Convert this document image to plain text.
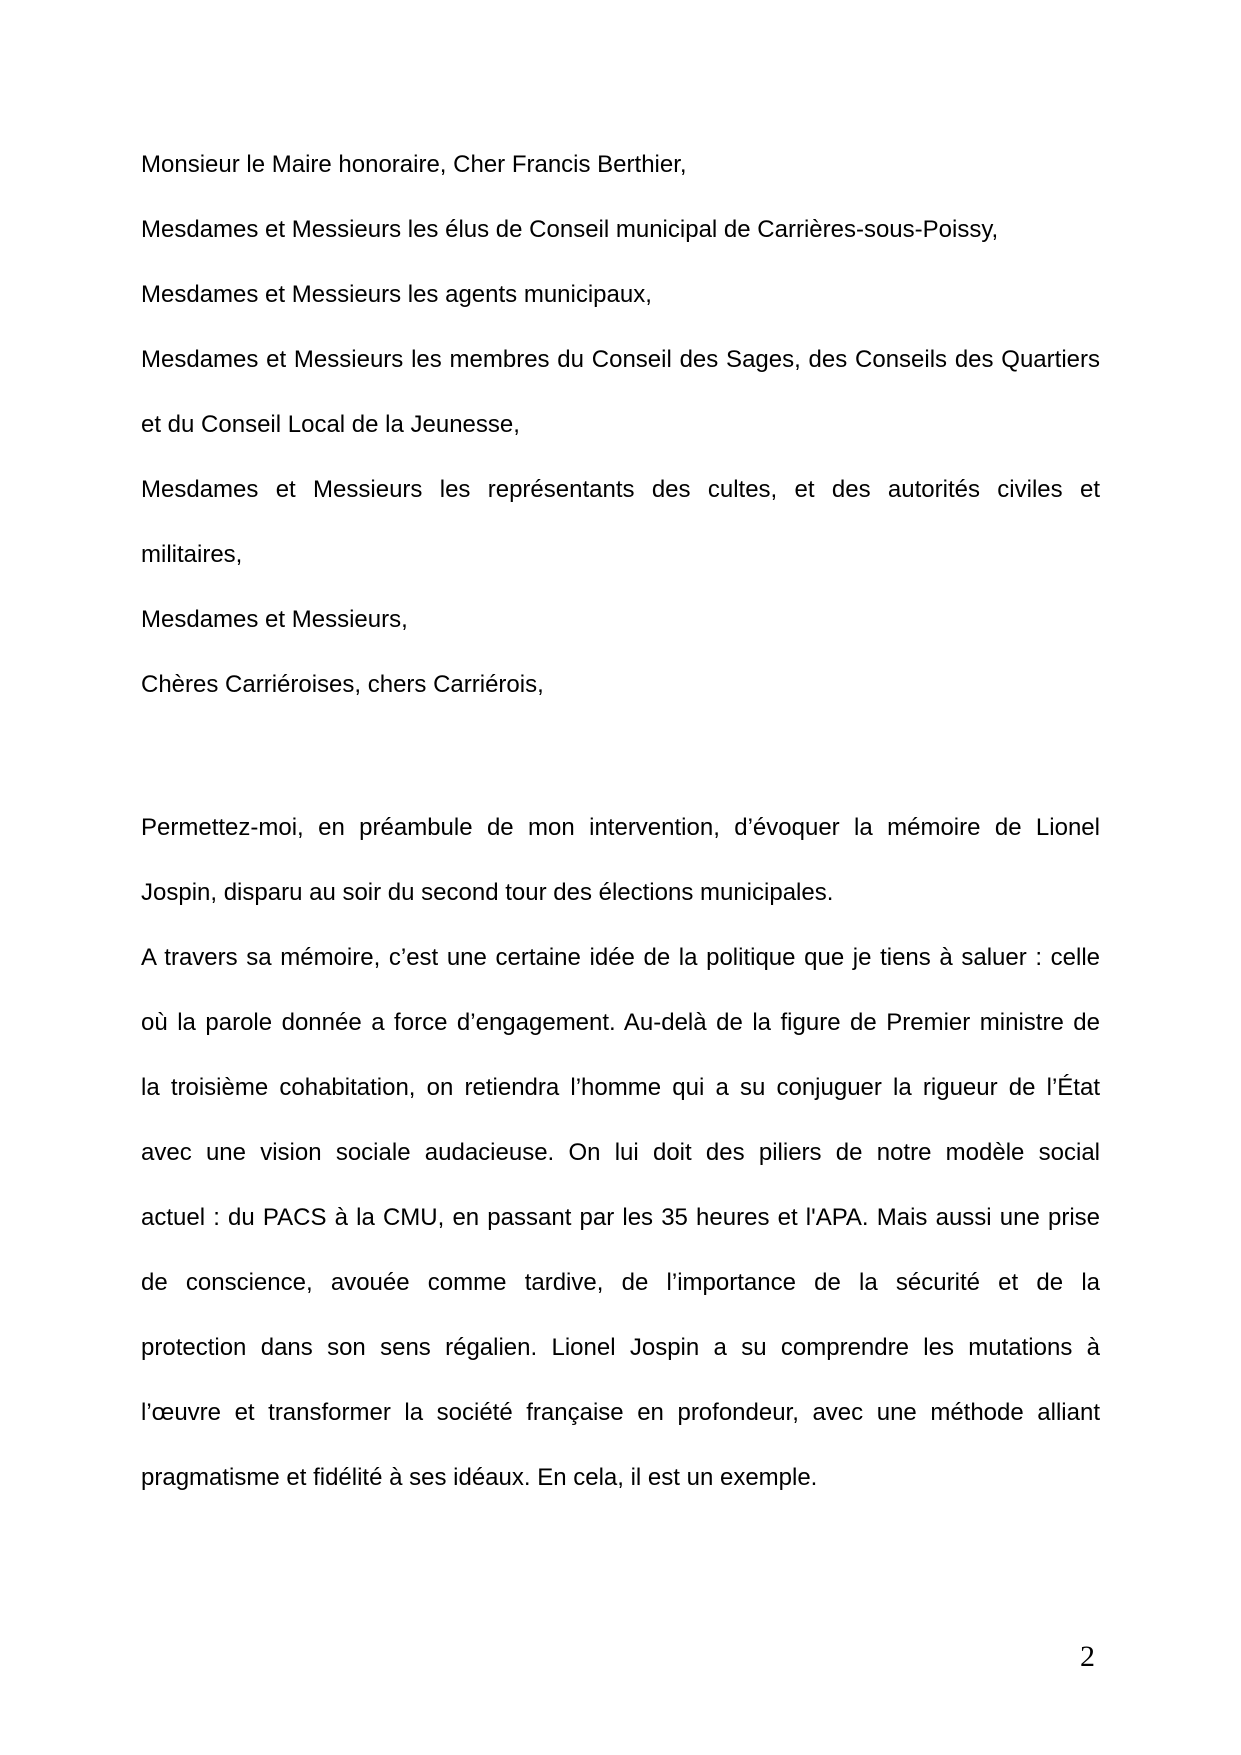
Monsieur le Maire honoraire, Cher Francis Berthier,
Mesdames et Messieurs les élus de Conseil municipal de Carrières-sous-Poissy,
Mesdames et Messieurs les agents municipaux,
Mesdames et Messieurs les membres du Conseil des Sages, des Conseils des Quartiers
et du Conseil Local de la Jeunesse,
Mesdames et Messieurs les représentants des cultes, et des autorités civiles et
militaires,
Mesdames et Messieurs,
Chères Carriéroises, chers Carriérois,
Permettez-moi, en préambule de mon intervention, d’évoquer la mémoire de Lionel
Jospin, disparu au soir du second tour des élections municipales.
A travers sa mémoire, c’est une certaine idée de la politique que je tiens à saluer : celle
où la parole donnée a force d’engagement. Au-delà de la figure de Premier ministre de
la troisième cohabitation, on retiendra l’homme qui a su conjuguer la rigueur de l’État
avec une vision sociale audacieuse. On lui doit des piliers de notre modèle social
actuel : du PACS à la CMU, en passant par les 35 heures et l'APA. Mais aussi une prise
de conscience, avouée comme tardive, de l’importance de la sécurité et de la
protection dans son sens régalien. Lionel Jospin a su comprendre les mutations à
l’œuvre et transformer la société française en profondeur, avec une méthode alliant
pragmatisme et fidélité à ses idéaux. En cela, il est un exemple.
2
